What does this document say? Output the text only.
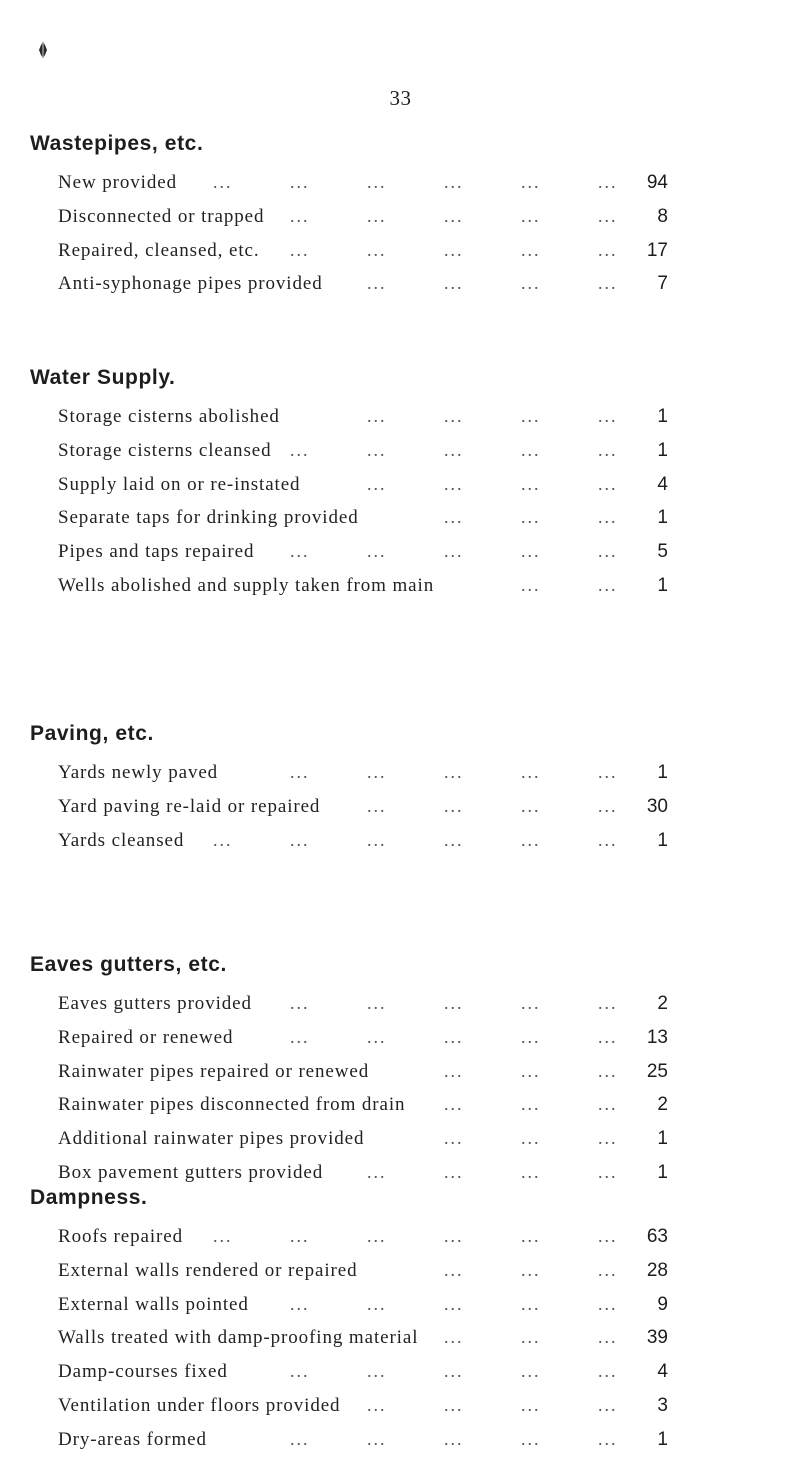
33
Wastepipes, etc.
...	...	...	...	...	...
New provided	94
...	...	...	...	...
Disconnected or trapped	8
...	...	...	...	...
Repaired, cleansed, etc.	17
...	...	...	...
Anti-syphonage pipes provided	7
Water Supply.
...	...	...	...
Storage cisterns abolished	1
...	...	...	...	...
Storage cisterns cleansed	1
...	...	...	...
Supply laid on or re-instated	4
...	...	...
Separate taps for drinking provided	1
...	...	...	...	...
Pipes and taps repaired	5
...	...
Wells abolished and supply taken from main	1
Paving, etc.
...	...	...	...	...
Yards newly paved	1
...	...	...	...
Yard paving re-laid or repaired	30
...	...	...	...	...	...
Yards cleansed	1
Eaves gutters, etc.
...	...	...	...	...
Eaves gutters provided	2
...	...	...	...	...
Repaired or renewed	13
...	...	...
Rainwater pipes repaired or renewed	25
...	...	...
Rainwater pipes disconnected from drain	2
...	...	...
Additional rainwater pipes provided	1
...	...	...	...
Box pavement gutters provided	1
Dampness.
...	...	...	...	...	...
Roofs repaired	63
...	...	...
External walls rendered or repaired	28
...	...	...	...	...
External walls pointed	9
...	...	...
Walls treated with damp-proofing material	39
...	...	...	...	...
Damp-courses fixed	4
...	...	...	...
Ventilation under floors provided	3
...	...	...	...	...
Dry-areas formed	1
